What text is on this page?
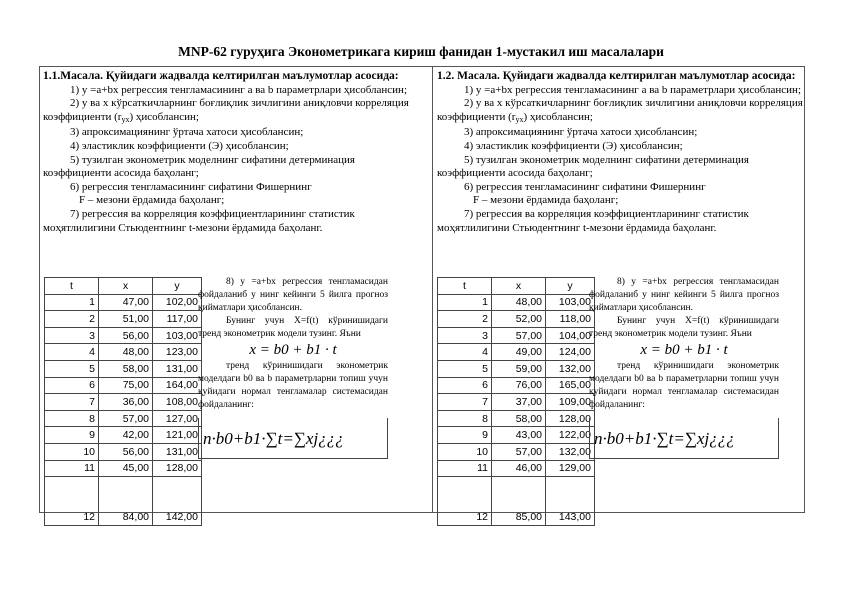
MNP-62 гуруҳига Эконометрикага кириш фанидан 1-мустакил иш масалалари
1.1.Масала. Қуйидаги жадвалда келтирилган маълумотлар асосида:
1) y =a+bx регрессия тенгламасининг a ва b параметрлари ҳисоблансин;
2) y ва x кўрсаткичларнинг боғлиқлик зичлигини аниқловчи корреляция коэффициенти $(r_{yx})$ ҳисоблансин;
3) апроксимациянинг ўртача хатоси ҳисоблансин;
4) эластиклик коэффициенти (Э) ҳисоблансин;
5) тузилган эконометрик моделнинг сифатини детерминация коэффициенти асосида баҳоланг;
6) регрессия тенгламасининг сифатини Фишернинг
F – мезони ёрдамида баҳоланг;
7) регрессия ва корреляция коэффициентларининг статистик моҳятлилигини Стьюдентнинг t-мезони ёрдамида баҳоланг.
t	x	y
1	47,00	102,00
2	51,00	117,00
3	56,00	103,00
4	48,00	123,00
5	58,00	131,00
6	75,00	164,00
7	36,00	108,00
8	57,00	127,00
9	42,00	121,00
10	56,00	131,00
11	45,00	128,00
12	84,00	142,00
8) y =a+bx регрессия тенгламасидан фойдаланиб y нинг кейинги 5 йилга прогноз қийматлари ҳисоблансин.
Бунинг учун X=f(t) кўринишидаги тренд эконометрик модели тузинг. Яъни
x = b0 + b1 · t
тренд кўринишидаги эконометрик моделдаги b0 ва b параметрларни топиш учун қуйидаги нормал тенгламалар системасидан фойдаланинг:
n·b0+b1·∑t=∑xj¿¿¿
1.2. Масала. Қуйидаги жадвалда келтирилган маълумотлар асосида:
1) y =a+bx регрессия тенгламасининг a ва b параметрлари ҳисоблансин;
2) y ва x кўрсаткичларнинг боғлиқлик зичлигини аниқловчи корреляция коэффициенти $(r_{yx})$ ҳисоблансин;
3) апроксимациянинг ўртача хатоси ҳисоблансин;
4) эластиклик коэффициенти (Э) ҳисоблансин;
5) тузилган эконометрик моделнинг сифатини детерминация коэффициенти асосида баҳоланг;
6) регрессия тенгламасининг сифатини Фишернинг
F – мезони ёрдамида баҳоланг;
7) регрессия ва корреляция коэффициентларининг статистик моҳятлилигини Стьюдентнинг t-мезони ёрдамида баҳоланг.
t	x	y
1	48,00	103,00
2	52,00	118,00
3	57,00	104,00
4	49,00	124,00
5	59,00	132,00
6	76,00	165,00
7	37,00	109,00
8	58,00	128,00
9	43,00	122,00
10	57,00	132,00
11	46,00	129,00
12	85,00	143,00
8) y =a+bx регрессия тенгламасидан фойдаланиб y нинг кейинги 5 йилга прогноз қийматлари ҳисоблансин.
Бунинг учун X=f(t) кўринишидаги тренд эконометрик модели тузинг. Яъни
x = b0 + b1 · t
тренд кўринишидаги эконометрик моделдаги b0 ва b параметрларни топиш учун қуйидаги нормал тенгламалар системасидан фойдаланинг:
n·b0+b1·∑t=∑xj¿¿¿
